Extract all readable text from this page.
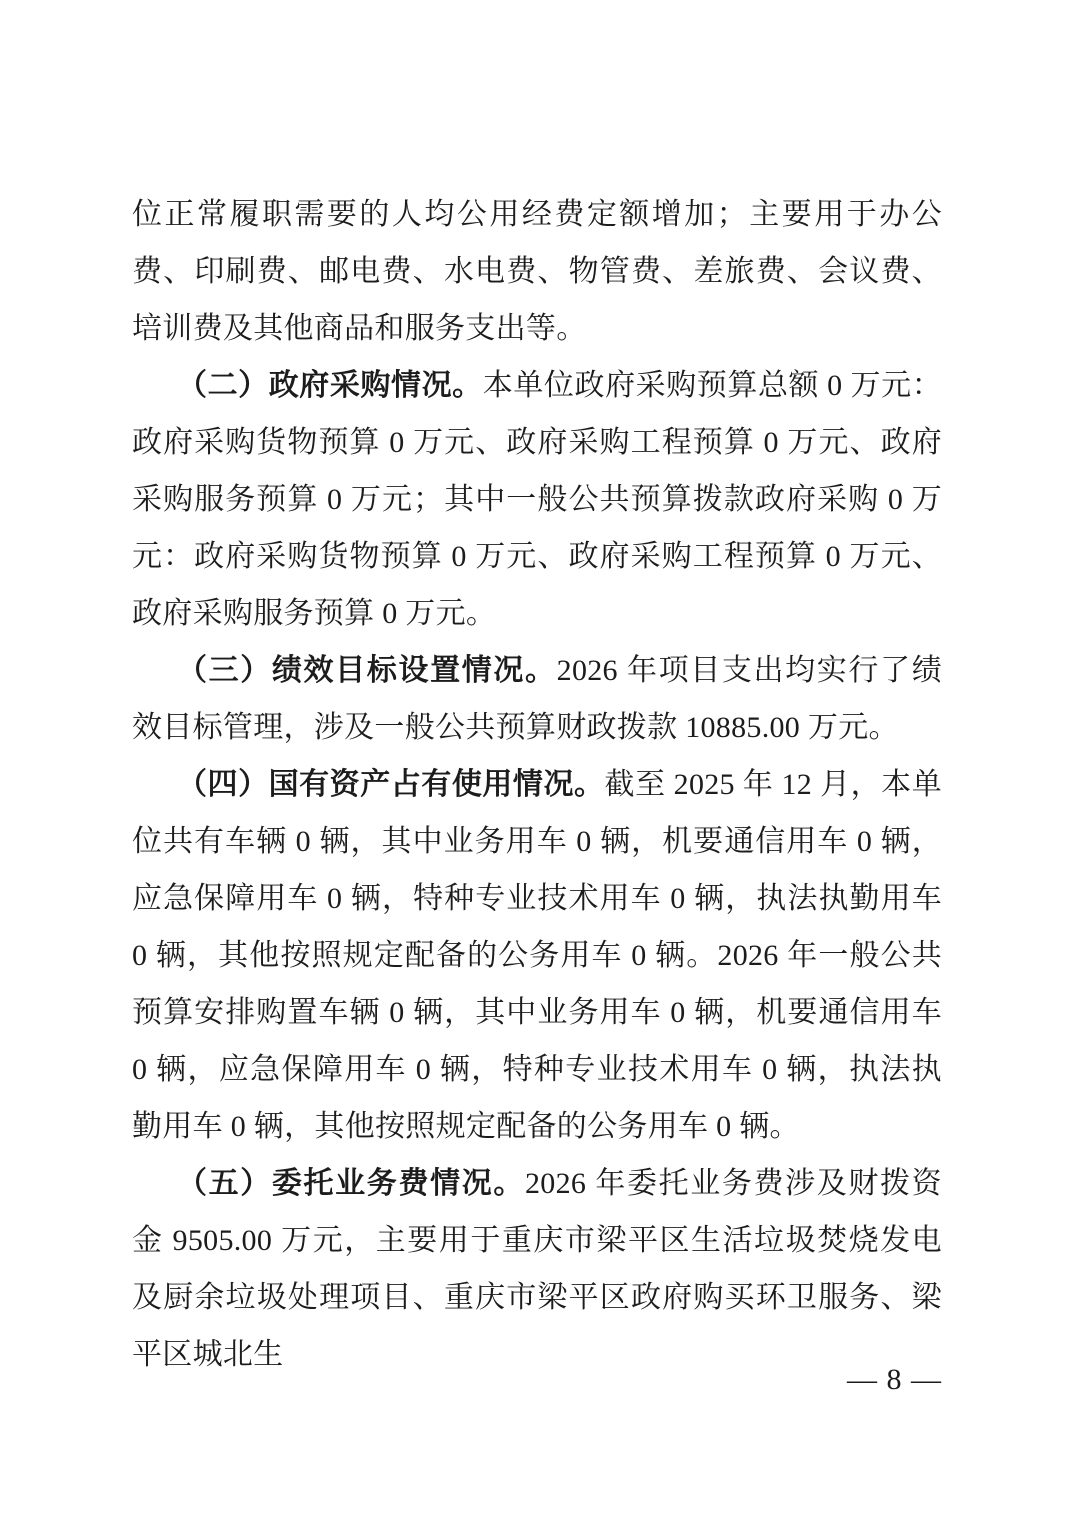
位正常履职需要的人均公用经费定额增加；主要用于办公费、印刷费、邮电费、水电费、物管费、差旅费、会议费、培训费及其他商品和服务支出等。

（二）政府采购情况。本单位政府采购预算总额 0 万元：政府采购货物预算 0 万元、政府采购工程预算 0 万元、政府采购服务预算 0 万元；其中一般公共预算拨款政府采购 0 万元：政府采购货物预算 0 万元、政府采购工程预算 0 万元、政府采购服务预算 0 万元。

（三）绩效目标设置情况。2026 年项目支出均实行了绩效目标管理，涉及一般公共预算财政拨款 10885.00 万元。

（四）国有资产占有使用情况。截至 2025 年 12 月，本单位共有车辆 0 辆，其中业务用车 0 辆，机要通信用车 0 辆，应急保障用车 0 辆，特种专业技术用车 0 辆，执法执勤用车 0 辆，其他按照规定配备的公务用车 0 辆。2026 年一般公共预算安排购置车辆 0 辆，其中业务用车 0 辆，机要通信用车 0 辆，应急保障用车 0 辆，特种专业技术用车 0 辆，执法执勤用车 0 辆，其他按照规定配备的公务用车 0 辆。

（五）委托业务费情况。2026 年委托业务费涉及财拨资金 9505.00 万元，主要用于重庆市梁平区生活垃圾焚烧发电及厨余垃圾处理项目、重庆市梁平区政府购买环卫服务、梁平区城北生

— 8 —
